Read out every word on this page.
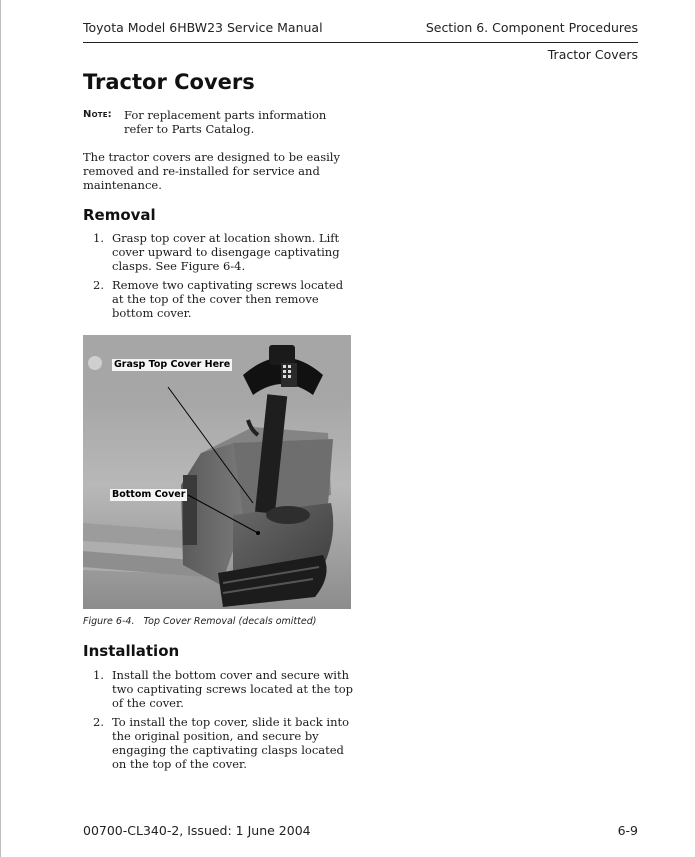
Toyota Model 6HBW23 Service Manual	Section 6. Component Procedures
Tractor Covers
Tractor Covers
Note: For replacement parts information refer to Parts Catalog.

The tractor covers are designed to be easily removed and re-installed for service and maintenance.

Removal
1. Grasp top cover at location shown. Lift cover upward to disengage captivating clasps. See Figure 6-4.
2. Remove two captivating screws located at the top of the cover then remove bottom cover.
Grasp Top Cover Here
Bottom Cover
Figure 6-4.   Top Cover Removal (decals omitted)
Installation
1. Install the bottom cover and secure with two captivating screws located at the top of the cover.
2. To install the top cover, slide it back into the original position, and secure by engaging the captivating clasps located on the top of the cover.
00700-CL340-2, Issued: 1 June 2004	6-9
